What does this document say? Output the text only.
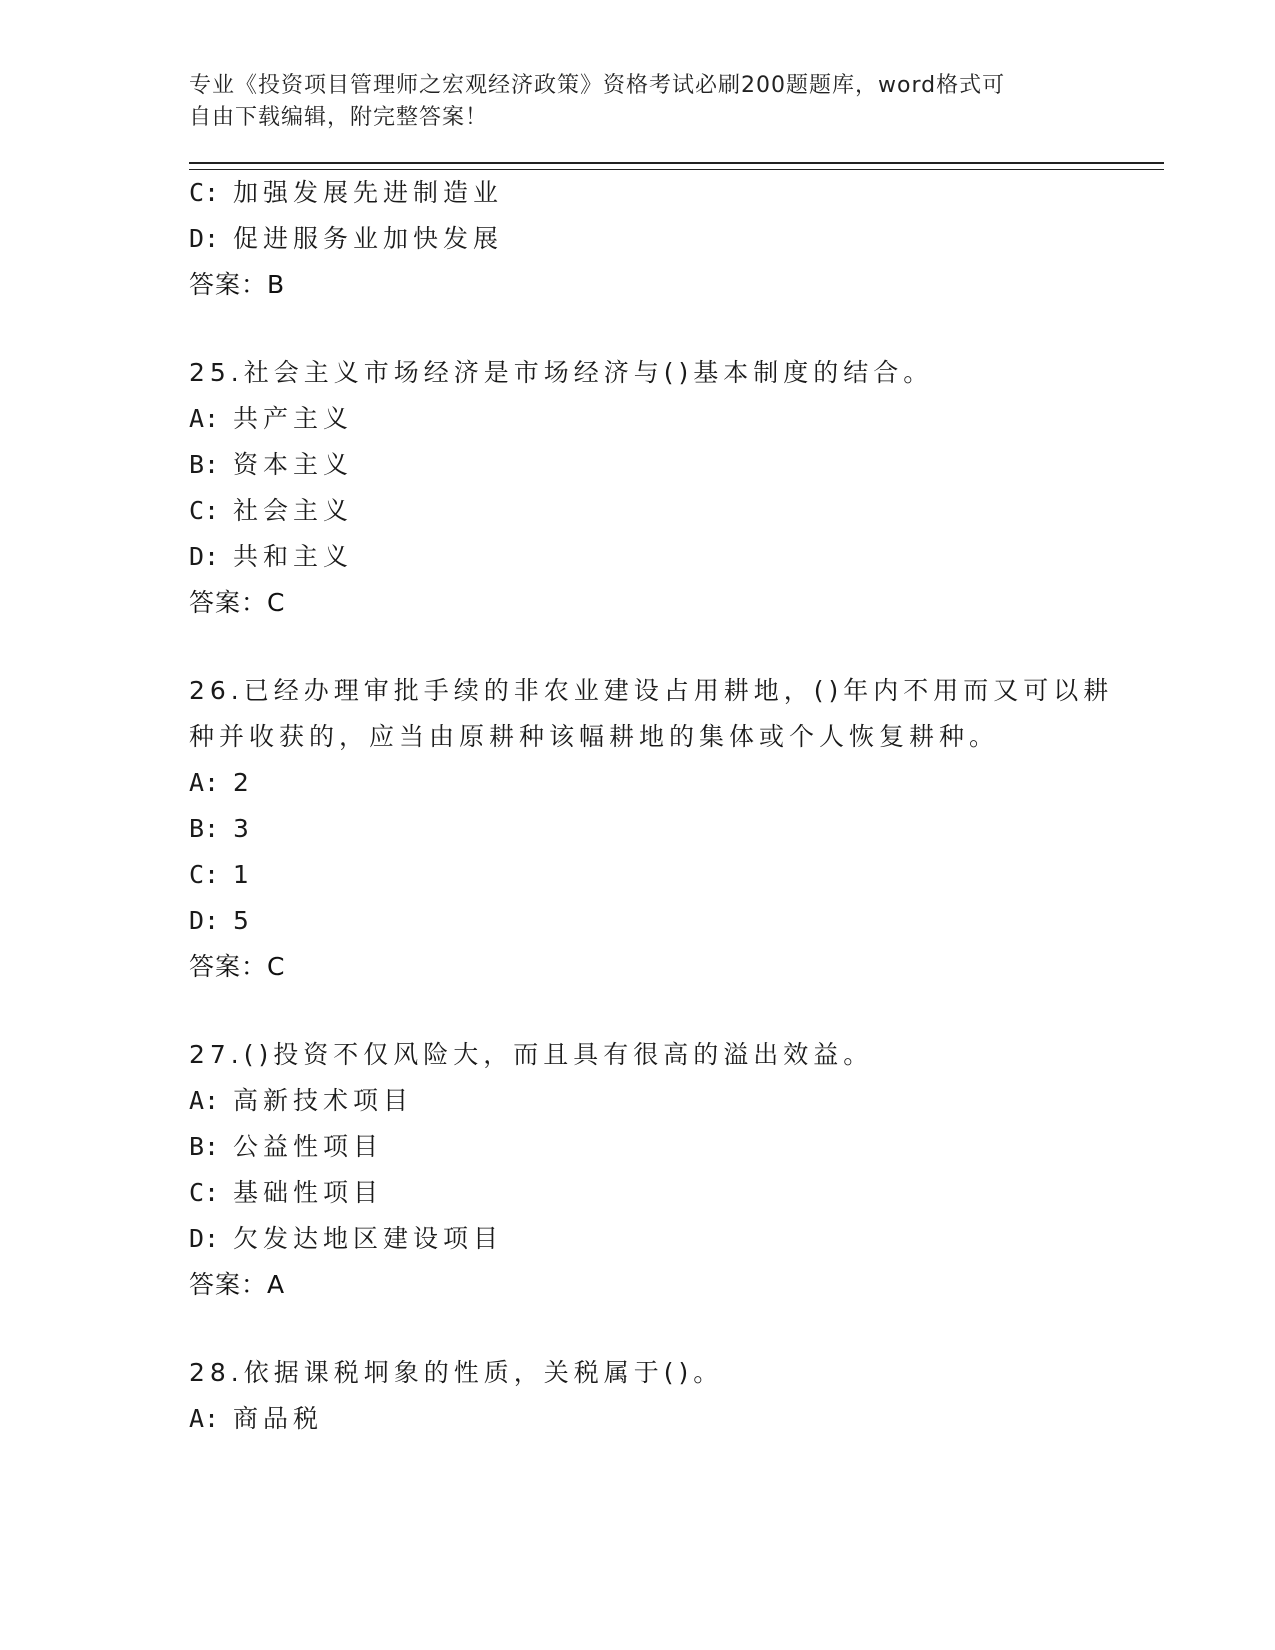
专业《投资项目管理师之宏观经济政策》资格考试必刷200题题库，word格式可
自由下载编辑，附完整答案！
C: 加强发展先进制造业
D: 促进服务业加快发展
答案：B
25.社会主义市场经济是市场经济与()基本制度的结合。
A: 共产主义
B: 资本主义
C: 社会主义
D: 共和主义
答案：C
26.已经办理审批手续的非农业建设占用耕地，()年内不用而又可以耕
种并收获的，应当由原耕种该幅耕地的集体或个人恢复耕种。
A: 2
B: 3
C: 1
D: 5
答案：C
27.()投资不仅风险大，而且具有很高的溢出效益。
A: 高新技术项目
B: 公益性项目
C: 基础性项目
D: 欠发达地区建设项目
答案：A
28.依据课税坰象的性质，关税属于()。
A: 商品税
